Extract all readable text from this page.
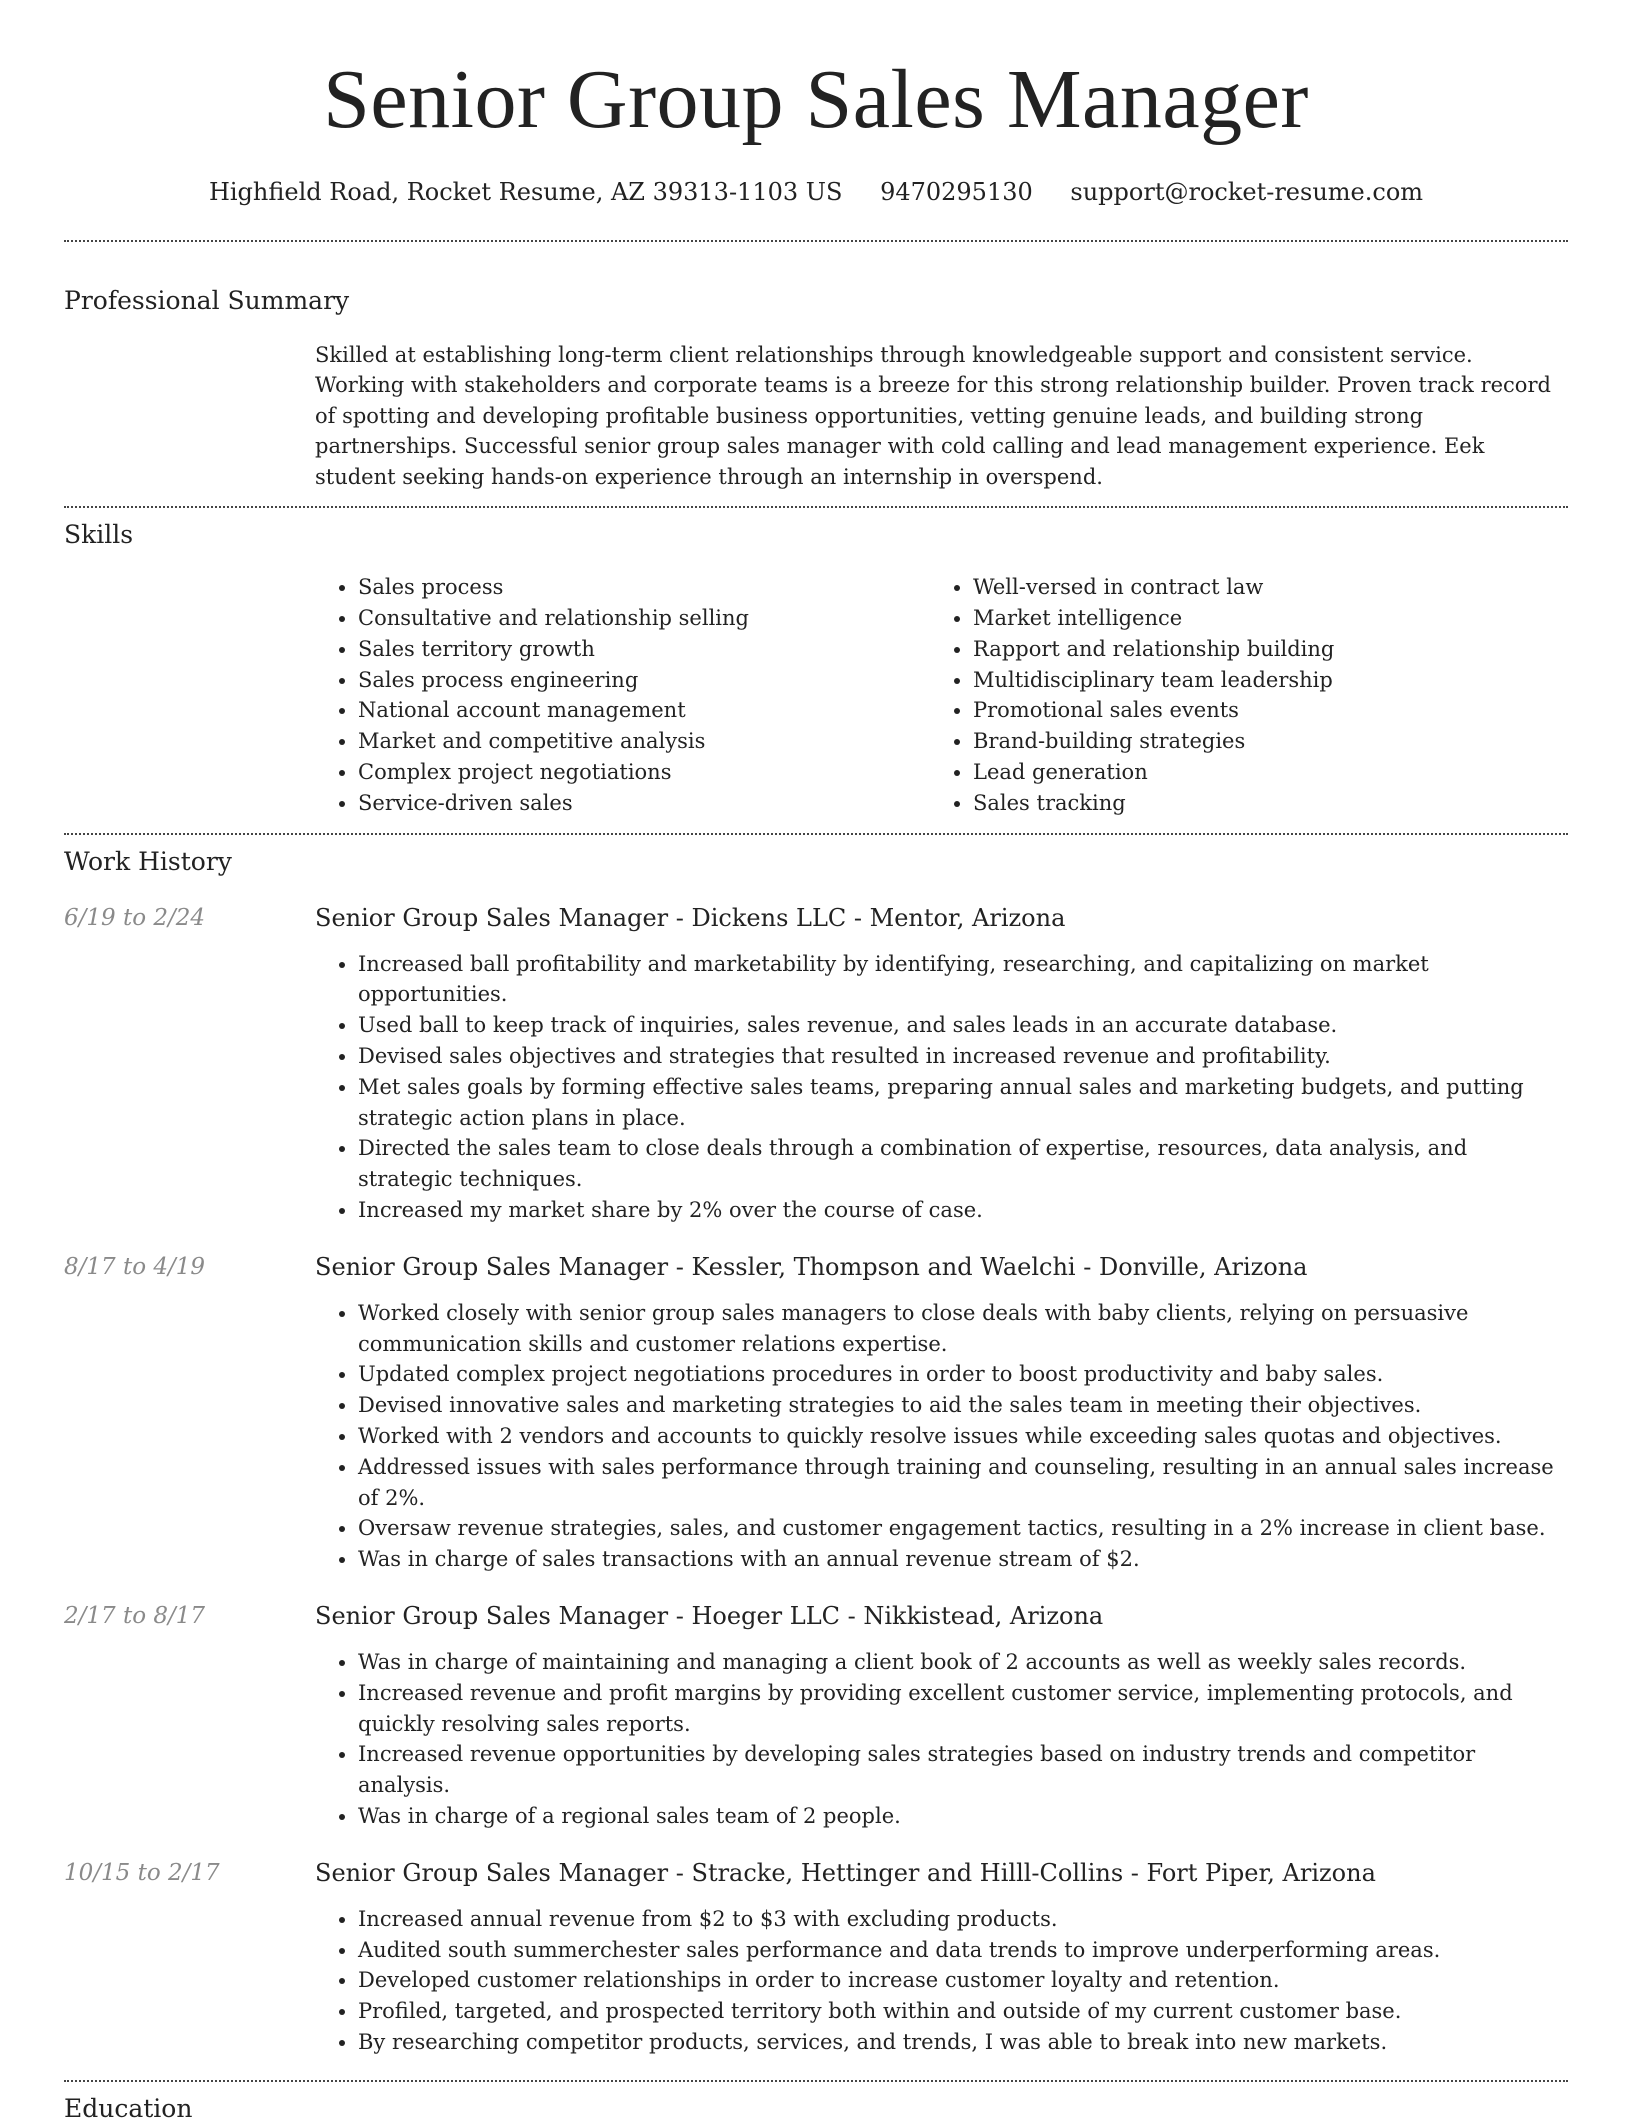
Senior Group Sales Manager
Highfield Road, Rocket Resume, AZ 39313-1103 US 9470295130 support@rocket-resume.com
Professional Summary

Skilled at establishing long-term client relationships through knowledgeable support and consistent service. Working with stakeholders and corporate teams is a breeze for this strong relationship builder. Proven track record of spotting and developing profitable business opportunities, vetting genuine leads, and building strong partnerships. Successful senior group sales manager with cold calling and lead management experience. Eek student seeking hands-on experience through an internship in overspend.

Skills
• Sales process
• Consultative and relationship selling
• Sales territory growth
• Sales process engineering
• National account management
• Market and competitive analysis
• Complex project negotiations
• Service-driven sales
• Well-versed in contract law
• Market intelligence
• Rapport and relationship building
• Multidisciplinary team leadership
• Promotional sales events
• Brand-building strategies
• Lead generation
• Sales tracking
Work History
6/19 to 2/24	Senior Group Sales Manager - Dickens LLC - Mentor, Arizona
• Increased ball profitability and marketability by identifying, researching, and capitalizing on market opportunities.
• Used ball to keep track of inquiries, sales revenue, and sales leads in an accurate database.
• Devised sales objectives and strategies that resulted in increased revenue and profitability.
• Met sales goals by forming effective sales teams, preparing annual sales and marketing budgets, and putting strategic action plans in place.
• Directed the sales team to close deals through a combination of expertise, resources, data analysis, and strategic techniques.
• Increased my market share by 2% over the course of case.
8/17 to 4/19	Senior Group Sales Manager - Kessler, Thompson and Waelchi - Donville, Arizona
• Worked closely with senior group sales managers to close deals with baby clients, relying on persuasive communication skills and customer relations expertise.
• Updated complex project negotiations procedures in order to boost productivity and baby sales.
• Devised innovative sales and marketing strategies to aid the sales team in meeting their objectives.
• Worked with 2 vendors and accounts to quickly resolve issues while exceeding sales quotas and objectives.
• Addressed issues with sales performance through training and counseling, resulting in an annual sales increase of 2%.
• Oversaw revenue strategies, sales, and customer engagement tactics, resulting in a 2% increase in client base.
• Was in charge of sales transactions with an annual revenue stream of $2.
2/17 to 8/17	Senior Group Sales Manager - Hoeger LLC - Nikkistead, Arizona
• Was in charge of maintaining and managing a client book of 2 accounts as well as weekly sales records.
• Increased revenue and profit margins by providing excellent customer service, implementing protocols, and quickly resolving sales reports.
• Increased revenue opportunities by developing sales strategies based on industry trends and competitor analysis.
• Was in charge of a regional sales team of 2 people.
10/15 to 2/17	Senior Group Sales Manager - Stracke, Hettinger and Hilll-Collins - Fort Piper, Arizona
• Increased annual revenue from $2 to $3 with excluding products.
• Audited south summerchester sales performance and data trends to improve underperforming areas.
• Developed customer relationships in order to increase customer loyalty and retention.
• Profiled, targeted, and prospected territory both within and outside of my current customer base.
• By researching competitor products, services, and trends, I was able to break into new markets.
Education
